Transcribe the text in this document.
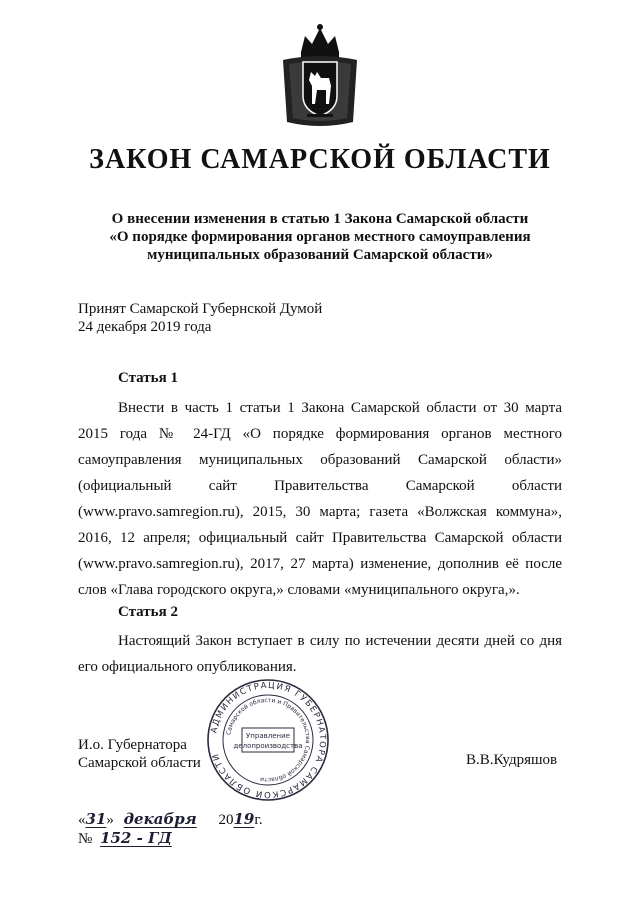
ЗАКОН САМАРСКОЙ ОБЛАСТИ
О внесении изменения в статью 1 Закона Самарской области
«О порядке формирования органов местного самоуправления
муниципальных образований Самарской области»
Принят Самарской Губернской Думой
24 декабря 2019 года
Статья 1
Внести в часть 1 статьи 1 Закона Самарской области от 30 марта 2015 года № 24-ГД «О порядке формирования органов местного самоуправления муниципальных образований Самарской области» (официальный сайт Правительства Самарской области (www.pravo.samregion.ru), 2015, 30 марта; газета «Волжская коммуна», 2016, 12 апреля; официальный сайт Правительства Самарской области (www.pravo.samregion.ru), 2017, 27 марта) изменение, дополнив её после слов «Глава городского округа,» словами «муниципального округа,».
Статья 2
Настоящий Закон вступает в силу по истечении десяти дней со дня его официального опубликования.
АДМИНИСТРАЦИЯ ГУБЕРНАТОРА САМАРСКОЙ ОБЛАСТИ
Самарской области и Правительства Самарской области
Управление
делопроизводства
И.о. Губернатора
Самарской области	В.В.Кудряшов
«31» декабря 2019г.
№ 152 - ГД
